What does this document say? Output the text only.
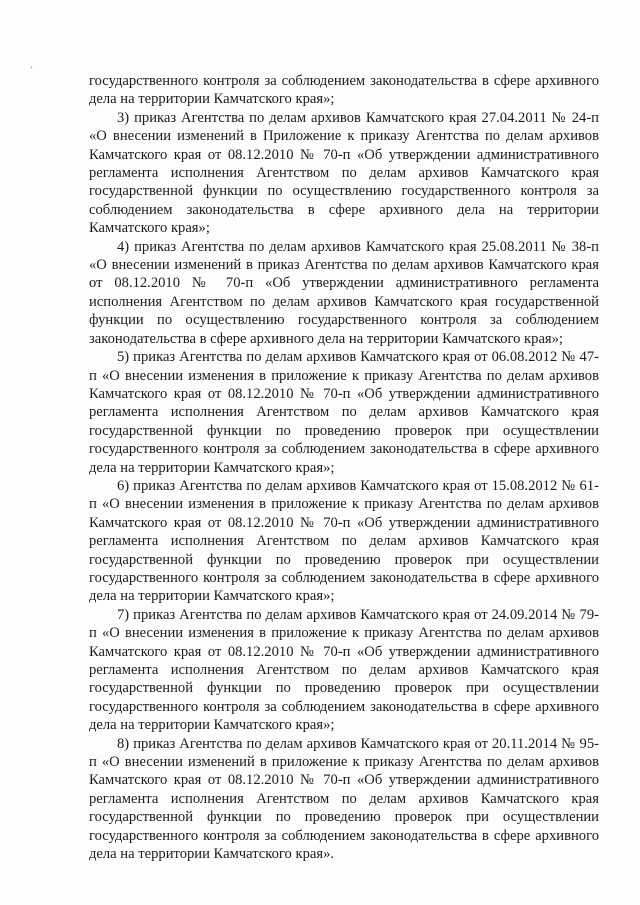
’

государственного контроля за соблюдением законодательства в сфере архивного дела на территории Камчатского края»;

3) приказ Агентства по делам архивов Камчатского края 27.04.2011 № 24-п «О внесении изменений в Приложение к приказу Агентства по делам архивов Камчатского края от 08.12.2010 № 70-п «Об утверждении административного регламента исполнения Агентством по делам архивов Камчатского края государственной функции по осуществлению государственного контроля за соблюдением законодательства в сфере архивного дела на территории Камчатского края»;

4) приказ Агентства по делам архивов Камчатского края 25.08.2011 № 38-п «О внесении изменений в приказ Агентства по делам архивов Камчатского края от 08.12.2010 № 70-п «Об утверждении административного регламента исполнения Агентством по делам архивов Камчатского края государственной функции по осуществлению государственного контроля за соблюдением законодательства в сфере архивного дела на территории Камчатского края»;

5) приказ Агентства по делам архивов Камчатского края от 06.08.2012 № 47-п «О внесении изменения в приложение к приказу Агентства по делам архивов Камчатского края от 08.12.2010 № 70-п «Об утверждении административного регламента исполнения Агентством по делам архивов Камчатского края государственной функции по проведению проверок при осуществлении государственного контроля за соблюдением законодательства в сфере архивного дела на территории Камчатского края»;

6) приказ Агентства по делам архивов Камчатского края от 15.08.2012 № 61-п «О внесении изменения в приложение к приказу Агентства по делам архивов Камчатского края от 08.12.2010 № 70-п «Об утверждении административного регламента исполнения Агентством по делам архивов Камчатского края государственной функции по проведению проверок при осуществлении государственного контроля за соблюдением законодательства в сфере архивного дела на территории Камчатского края»;

7) приказ Агентства по делам архивов Камчатского края от 24.09.2014 № 79-п «О внесении изменения в приложение к приказу Агентства по делам архивов Камчатского края от 08.12.2010 № 70-п «Об утверждении административного регламента исполнения Агентством по делам архивов Камчатского края государственной функции по проведению проверок при осуществлении государственного контроля за соблюдением законодательства в сфере архивного дела на территории Камчатского края»;

8) приказ Агентства по делам архивов Камчатского края от 20.11.2014 № 95-п «О внесении изменений в приложение к приказу Агентства по делам архивов Камчатского края от 08.12.2010 № 70-п «Об утверждении административного регламента исполнения Агентством по делам архивов Камчатского края государственной функции по проведению проверок при осуществлении государственного контроля за соблюдением законодательства в сфере архивного дела на территории Камчатского края».
